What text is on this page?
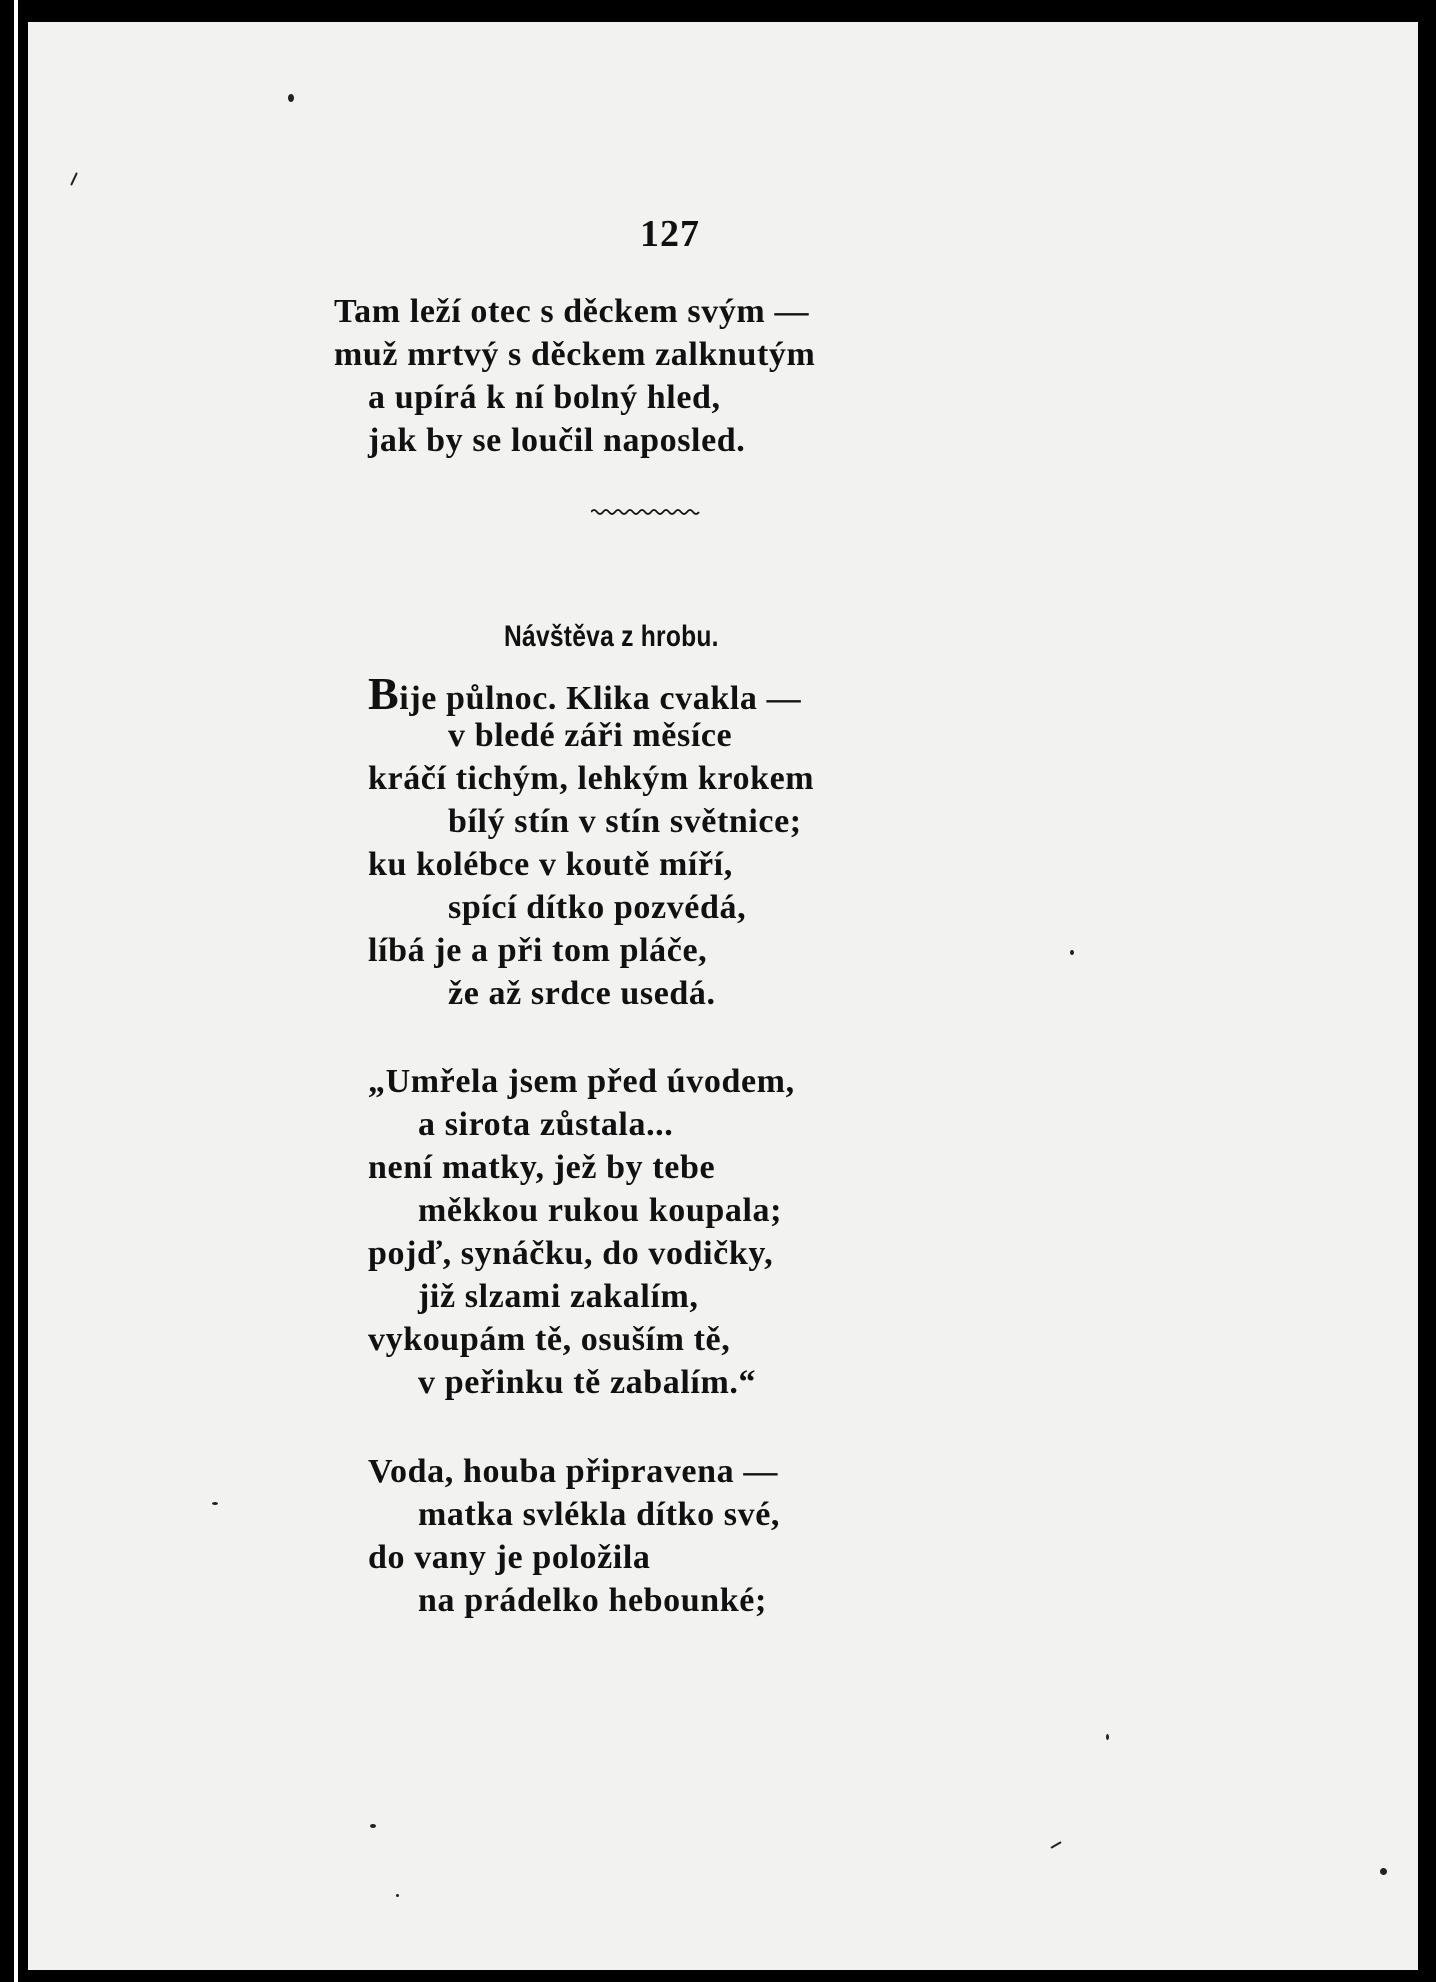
127
Tam leží otec s děckem svým —
muž mrtvý s děckem zalknutým
a upírá k ní bolný hled,
jak by se loučil naposled.
Návštěva z hrobu.
Bije půlnoc. Klika cvakla —
v bledé záři měsíce
kráčí tichým, lehkým krokem
bílý stín v stín světnice;
ku kolébce v koutě míří,
spící dítko pozvédá,
líbá je a při tom pláče,
že až srdce usedá.
„Umřela jsem před úvodem,
a sirota zůstala...
není matky, jež by tebe
měkkou rukou koupala;
pojď, synáčku, do vodičky,
již slzami zakalím,
vykoupám tě, osuším tě,
v peřinku tě zabalím.“
Voda, houba připravena —
matka svlékla dítko své,
do vany je položila
na prádelko hebounké;
